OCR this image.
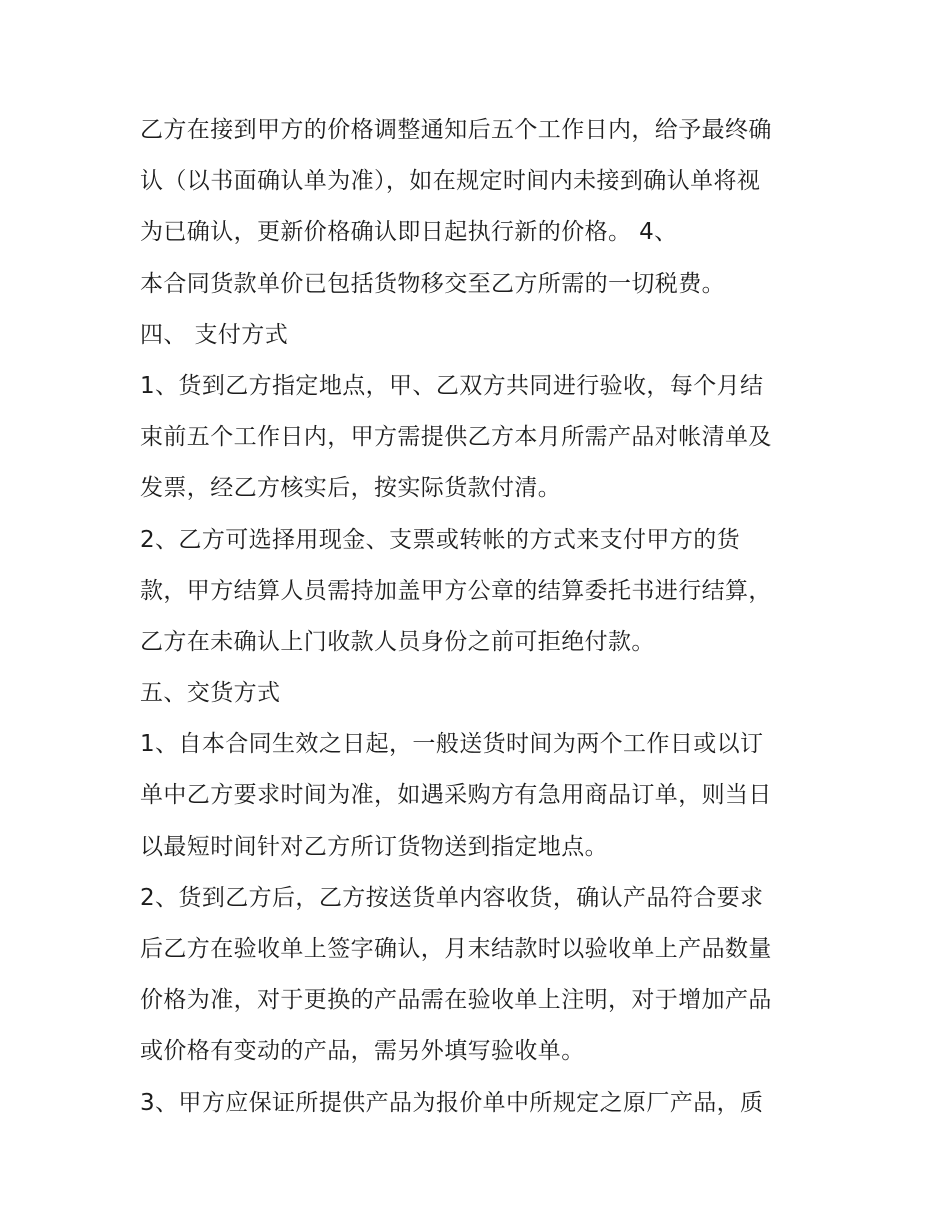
乙方在接到甲方的价格调整通知后五个工作日内，给予最终确
认（以书面确认单为准），如在规定时间内未接到确认单将视
为已确认，更新价格确认即日起执行新的价格。 4、
本合同货款单价已包括货物移交至乙方所需的一切税费。
四、 支付方式
1、货到乙方指定地点，甲、乙双方共同进行验收，每个月结
束前五个工作日内，甲方需提供乙方本月所需产品对帐清单及
发票，经乙方核实后，按实际货款付清。
2、乙方可选择用现金、支票或转帐的方式来支付甲方的货
款，甲方结算人员需持加盖甲方公章的结算委托书进行结算，
乙方在未确认上门收款人员身份之前可拒绝付款。
五、交货方式
1、自本合同生效之日起，一般送货时间为两个工作日或以订
单中乙方要求时间为准，如遇采购方有急用商品订单，则当日
以最短时间针对乙方所订货物送到指定地点。
2、货到乙方后，乙方按送货单内容收货，确认产品符合要求
后乙方在验收单上签字确认，月末结款时以验收单上产品数量
价格为准，对于更换的产品需在验收单上注明，对于增加产品
或价格有变动的产品，需另外填写验收单。
3、甲方应保证所提供产品为报价单中所规定之原厂产品，质
